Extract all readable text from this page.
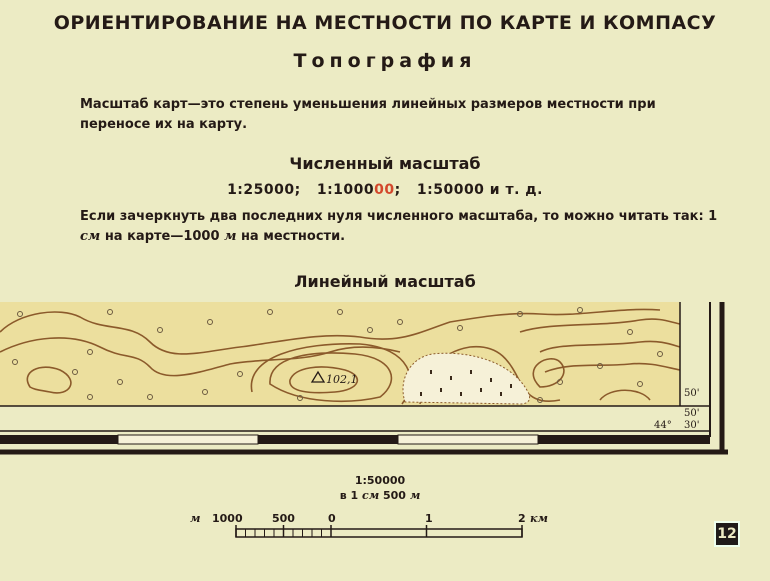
ОРИЕНТИРОВАНИЕ НА МЕСТНОСТИ ПО КАРТЕ И КОМПАСУ
Топография
Масштаб карт—это степень уменьшения линейных размеров местности при переносе их на карту.
Численный масштаб
1:25000; 1:100000; 1:50000 и т. д.
Если зачеркнуть два последних нуля численного масштаба, то можно читать так: 1 см на карте—1000 м на местности.
Линейный масштаб
102,1
50'
50'
30'
44°
1:50000
в 1 см 500 м
м 1000	500	0	1	2 км
12
